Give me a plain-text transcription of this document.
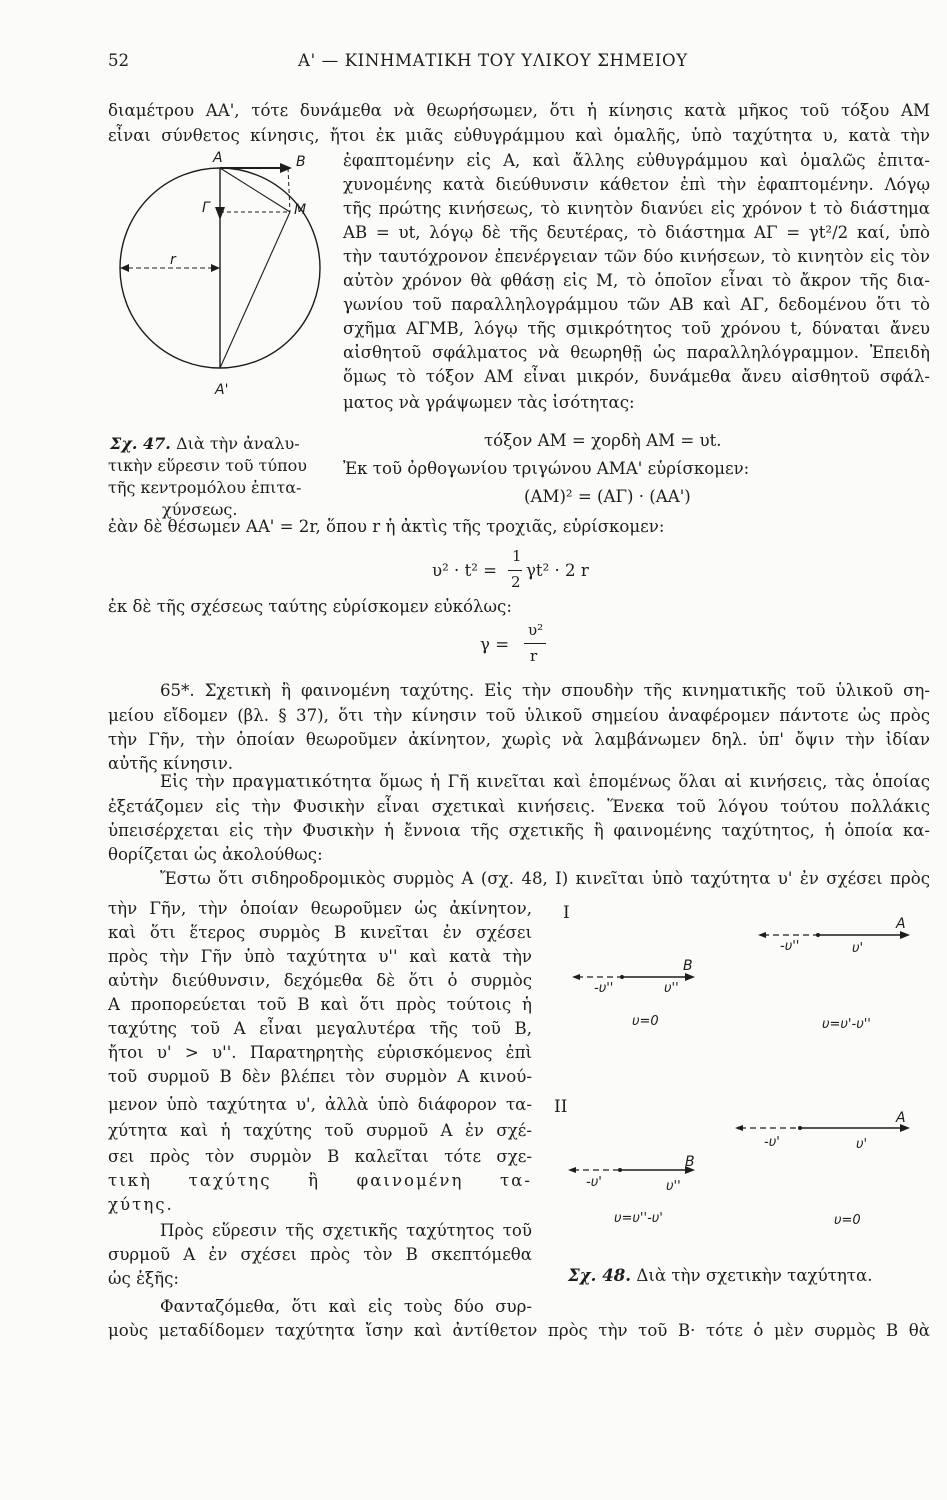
52	Α' — ΚΙΝΗΜΑΤΙΚΗ ΤΟΥ ΥΛΙΚΟΥ ΣΗΜΕΙΟΥ
διαμέτρου ΑΑ', τότε δυνάμεθα νὰ θεωρήσωμεν, ὅτι ἡ κίνησις κατὰ μῆκος τοῦ τόξου ΑΜ
εἶναι σύνθετος κίνησις, ἤτοι ἐκ μιᾶς εὐθυγράμμου καὶ ὁμαλῆς, ὑπὸ ταχύτητα υ, κατὰ τὴν
ἐφαπτομένην εἰς Α, καὶ ἄλλης εὐθυγράμμου καὶ ὁμαλῶς ἐπιτα-
χυνομένης κατὰ διεύθυνσιν κάθετον ἐπὶ τὴν ἐφαπτομένην. Λόγῳ
τῆς πρώτης κινήσεως, τὸ κινητὸν διανύει εἰς χρόνον t τὸ διάστημα
ΑΒ = υt, λόγῳ δὲ τῆς δευτέρας, τὸ διάστημα ΑΓ = γt²/2 καί, ὑπὸ
τὴν ταυτόχρονον ἐπενέργειαν τῶν δύο κινήσεων, τὸ κινητὸν εἰς τὸν
αὐτὸν χρόνον θὰ φθάσῃ εἰς Μ, τὸ ὁποῖον εἶναι τὸ ἄκρον τῆς δια-
γωνίου τοῦ παραλληλογράμμου τῶν ΑΒ καὶ ΑΓ, δεδομένου ὅτι τὸ
σχῆμα ΑΓΜΒ, λόγῳ τῆς σμικρότητος τοῦ χρόνου t, δύναται ἄνευ
αἰσθητοῦ σφάλματος νὰ θεωρηθῇ ὡς παραλληλόγραμμον. Ἐπειδὴ
ὅμως τὸ τόξον ΑΜ εἶναι μικρόν, δυνάμεθα ἄνευ αἰσθητοῦ σφάλ-
ματος νὰ γράψωμεν τὰς ἰσότητας:
A	B
Γ	M
r
A'
Σχ. 47. Διὰ τὴν ἀναλυ-
τικὴν εὕρεσιν τοῦ τύπου
τῆς κεντρομόλου ἐπιτα-
χύνσεως.
τόξον ΑΜ = χορδὴ ΑΜ = υt.
Ἐκ τοῦ ὀρθογωνίου τριγώνου ΑΜΑ' εὑρίσκομεν:
(ΑΜ)² = (ΑΓ) · (ΑΑ')
ἐὰν δὲ θέσωμεν ΑΑ' = 2r, ὅπου r ἡ ἀκτὶς τῆς τροχιᾶς, εὑρίσκομεν:
υ² · t² =
1
2
γt² · 2 r
ἐκ δὲ τῆς σχέσεως ταύτης εὑρίσκομεν εὐκόλως:
γ =
υ²
r
65*. Σχετικὴ ἢ φαινομένη ταχύτης. Εἰς τὴν σπουδὴν τῆς κινηματικῆς τοῦ ὑλικοῦ ση-
μείου εἴδομεν (βλ. § 37), ὅτι τὴν κίνησιν τοῦ ὑλικοῦ σημείου ἀναφέρομεν πάντοτε ὡς πρὸς
τὴν Γῆν, τὴν ὁποίαν θεωροῦμεν ἀκίνητον, χωρὶς νὰ λαμβάνωμεν δηλ. ὑπ' ὄψιν τὴν ἰδίαν
αὐτῆς κίνησιν.
Εἰς τὴν πραγματικότητα ὅμως ἡ Γῆ κινεῖται καὶ ἑπομένως ὅλαι αἱ κινήσεις, τὰς ὁποίας
ἐξετάζομεν εἰς τὴν Φυσικὴν εἶναι σχετικαὶ κινήσεις. Ἕνεκα τοῦ λόγου τούτου πολλάκις
ὑπεισέρχεται εἰς τὴν Φυσικὴν ἡ ἔννοια τῆς σχετικῆς ἢ φαινομένης ταχύτητος, ἡ ὁποία κα-
θορίζεται ὡς ἀκολούθως:
Ἔστω ὅτι σιδηροδρομικὸς συρμὸς Α (σχ. 48, Ι) κινεῖται ὑπὸ ταχύτητα υ' ἐν σχέσει πρὸς
τὴν Γῆν, τὴν ὁποίαν θεωροῦμεν ὡς ἀκίνητον,
καὶ ὅτι ἕτερος συρμὸς Β κινεῖται ἐν σχέσει
πρὸς τὴν Γῆν ὑπὸ ταχύτητα υ'' καὶ κατὰ τὴν
αὐτὴν διεύθυνσιν, δεχόμεθα δὲ ὅτι ὁ συρμὸς
Α προπορεύεται τοῦ Β καὶ ὅτι πρὸς τούτοις ἡ
ταχύτης τοῦ Α εἶναι μεγαλυτέρα τῆς τοῦ Β,
ἤτοι υ' > υ''. Παρατηρητὴς εὑρισκόμενος ἐπὶ
τοῦ συρμοῦ Β δὲν βλέπει τὸν συρμὸν Α κινού-
μενον ὑπὸ ταχύτητα υ', ἀλλὰ ὑπὸ διάφορον τα-
χύτητα καὶ ἡ ταχύτης τοῦ συρμοῦ Α ἐν σχέ-
σει πρὸς τὸν συρμὸν Β καλεῖται τότε σχε-
τικὴ ταχύτης ἢ φαινομένη τα-
χύτης.
Πρὸς εὕρεσιν τῆς σχετικῆς ταχύτητος τοῦ
συρμοῦ Α ἐν σχέσει πρὸς τὸν Β σκεπτόμεθα
ὡς ἑξῆς:
Φανταζόμεθα, ὅτι καὶ εἰς τοὺς δύο συρ-
μοὺς μεταδίδομεν ταχύτητα ἴσην καὶ ἀντίθετον πρὸς τὴν τοῦ Β· τότε ὁ μὲν συρμὸς Β θὰ
I
A
-υ''	υ'
B
-υ''	υ''
υ=0	υ=υ'-υ''
II
A
-υ'	υ'
B
-υ'	υ''
υ=υ''-υ'	υ=0
Σχ. 48. Διὰ τὴν σχετικὴν ταχύτητα.
